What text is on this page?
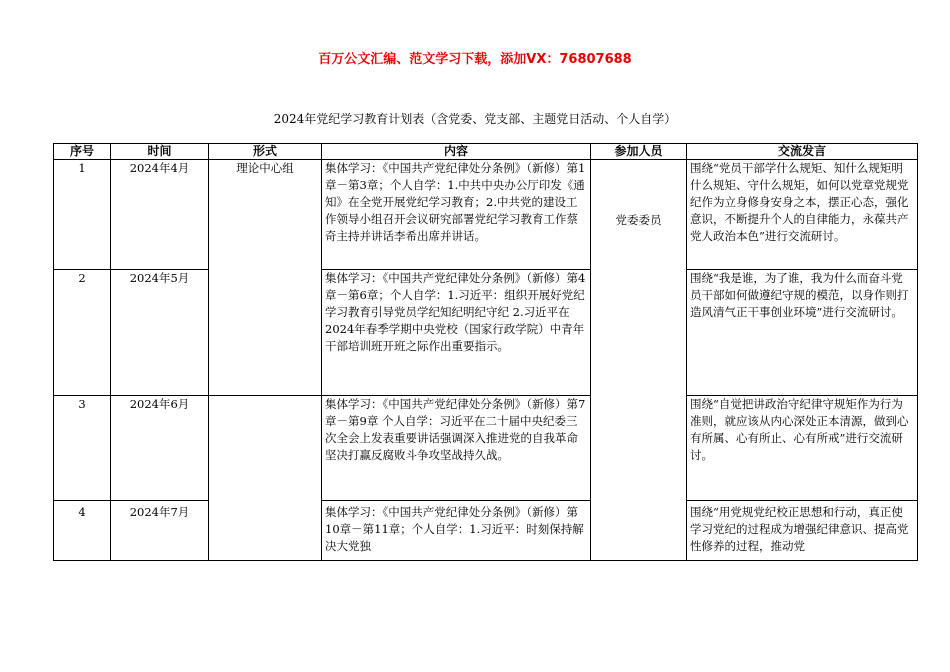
百万公文汇编、范文学习下载，添加VX：76807688
2024年党纪学习教育计划表（含党委、党支部、主题党日活动、个人自学）
序号	时间	形式	内容	参加人员	交流发言
1	2024年4月	理论中心组	集体学习：《中国共产党纪律处分条例》（新修）第1章－第3章；个人自学：1.中共中央办公厅印发《通知》在全党开展党纪学习教育；2.中共党的建设工作领导小组召开会议研究部署党纪学习教育工作蔡奇主持并讲话李希出席并讲话。	党委委员	围绕“党员干部学什么规矩、知什么规矩明什么规矩、守什么规矩，如何以党章党规党纪作为立身修身安身之本，摆正心态，强化意识，不断提升个人的自律能力，永葆共产党人政治本色”进行交流研讨。
2	2024年5月		集体学习：《中国共产党纪律处分条例》（新修）第4章－第6章；个人自学：1.习近平：组织开展好党纪学习教育引导党员学纪知纪明纪守纪 2.习近平在2024年春季学期中央党校（国家行政学院）中青年干部培训班开班之际作出重要指示。		围绕“我是谁，为了谁，我为什么而奋斗党员干部如何做遵纪守规的模范，以身作则打造风清气正干事创业环境”进行交流研讨。
3	2024年6月		集体学习：《中国共产党纪律处分条例》（新修）第7章－第9章 个人自学：习近平在二十届中央纪委三次全会上发表重要讲话强调深入推进党的自我革命坚决打赢反腐败斗争攻坚战持久战。		围绕“自觉把讲政治守纪律守规矩作为行为准则，就应该从内心深处正本清源，做到心有所属、心有所止、心有所戒”进行交流研讨。
4	2024年7月		集体学习：《中国共产党纪律处分条例》（新修）第10章－第11章；个人自学：1.习近平：时刻保持解决大党独		围绕“用党规党纪校正思想和行动，真正使学习党纪的过程成为增强纪律意识、提高党性修养的过程，推动党
